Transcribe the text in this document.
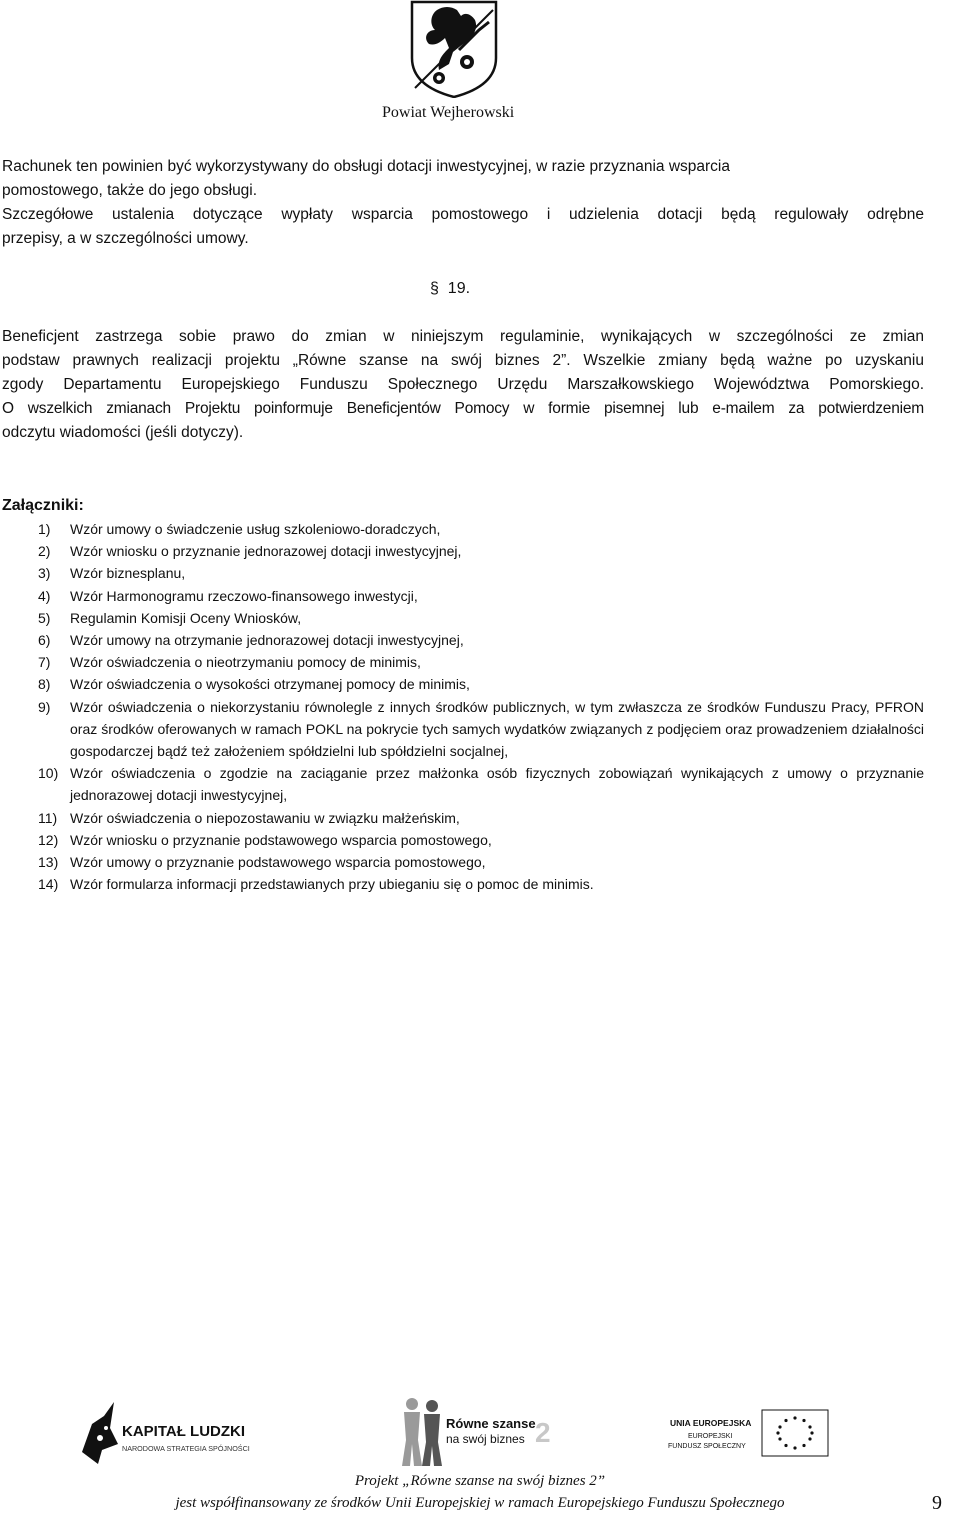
Powiat Wejherowski
Rachunek ten powinien być wykorzystywany do obsługi dotacji inwestycyjnej, w razie przyznania wsparcia
pomostowego, także do jego obsługi.
Szczegółowe ustalenia dotyczące wypłaty wsparcia pomostowego i udzielenia dotacji będą regulowały odrębne
przepisy, a w szczególności umowy.
§ 19.
Beneficjent zastrzega sobie prawo do zmian w niniejszym regulaminie, wynikających w szczególności ze zmian
podstaw prawnych realizacji projektu „Równe szanse na swój biznes 2”. Wszelkie zmiany będą ważne po uzyskaniu
zgody Departamentu Europejskiego Funduszu Społecznego Urzędu Marszałkowskiego Województwa Pomorskiego.
O wszelkich zmianach Projektu poinformuje Beneficjentów Pomocy w formie pisemnej lub e-mailem za potwierdzeniem
odczytu wiadomości (jeśli dotyczy).
Załączniki:
1)	Wzór umowy o świadczenie usług szkoleniowo-doradczych,
2)	Wzór wniosku o przyznanie jednorazowej dotacji inwestycyjnej,
3)	Wzór biznesplanu,
4)	Wzór Harmonogramu rzeczowo-finansowego inwestycji,
5)	Regulamin Komisji Oceny Wniosków,
6)	Wzór umowy na otrzymanie jednorazowej dotacji inwestycyjnej,
7)	Wzór oświadczenia o nieotrzymaniu pomocy de minimis,
8)	Wzór oświadczenia o wysokości otrzymanej pomocy de minimis,
9)	Wzór oświadczenia o niekorzystaniu równolegle z innych środków publicznych, w tym zwłaszcza ze środków Funduszu Pracy, PFRON oraz środków oferowanych w ramach POKL na pokrycie tych samych wydatków związanych z podjęciem oraz prowadzeniem działalności gospodarczej bądź też założeniem spółdzielni lub spółdzielni socjalnej,
10) Wzór oświadczenia o zgodzie na zaciąganie przez małżonka osób fizycznych zobowiązań wynikających z umowy o przyznanie jednorazowej dotacji inwestycyjnej,
11) Wzór oświadczenia o niepozostawaniu w związku małżeńskim,
12) Wzór wniosku o przyznanie podstawowego wsparcia pomostowego,
13) Wzór umowy o przyznanie podstawowego wsparcia pomostowego,
14) Wzór formularza informacji przedstawianych przy ubieganiu się o pomoc de minimis.
KAPITAŁ LUDZKI
NARODOWA STRATEGIA SPÓJNOŚCI
Równe szanse
na swój biznes 2	UNIA EUROPEJSKA
EUROPEJSKI
FUNDUSZ SPOŁECZNY
Projekt „Równe szanse na swój biznes 2”
jest współfinansowany ze środków Unii Europejskiej w ramach Europejskiego Funduszu Społecznego	9
